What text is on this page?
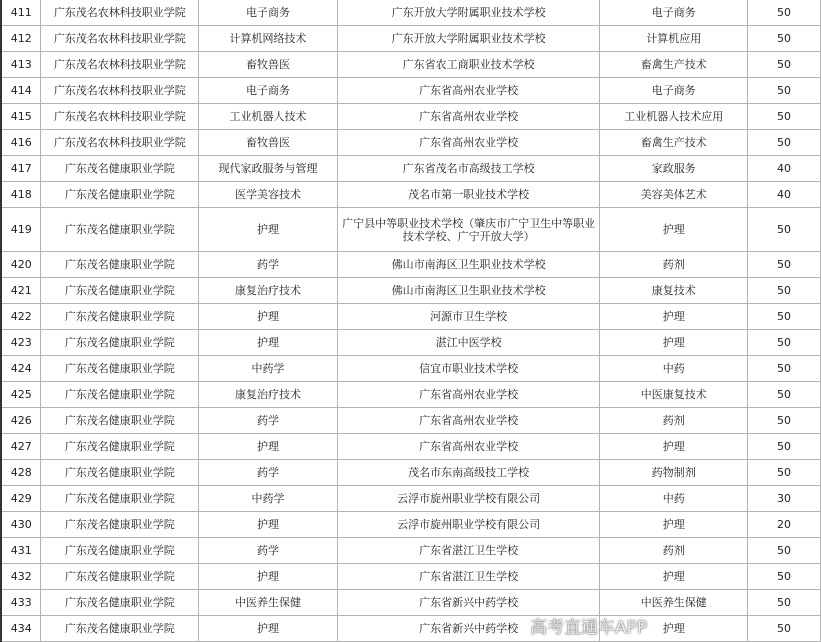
411	广东茂名农林科技职业学院	电子商务	广东开放大学附属职业技术学校	电子商务	50
412	广东茂名农林科技职业学院	计算机网络技术	广东开放大学附属职业技术学校	计算机应用	50
413	广东茂名农林科技职业学院	畜牧兽医	广东省农工商职业技术学校	畜禽生产技术	50
414	广东茂名农林科技职业学院	电子商务	广东省高州农业学校	电子商务	50
415	广东茂名农林科技职业学院	工业机器人技术	广东省高州农业学校	工业机器人技术应用	50
416	广东茂名农林科技职业学院	畜牧兽医	广东省高州农业学校	畜禽生产技术	50
417	广东茂名健康职业学院	现代家政服务与管理	广东省茂名市高级技工学校	家政服务	40
418	广东茂名健康职业学院	医学美容技术	茂名市第一职业技术学校	美容美体艺术	40
419	广东茂名健康职业学院	护理	广宁县中等职业技术学校（肇庆市广宁卫生中等职业技术学校、广宁开放大学）	护理	50
420	广东茂名健康职业学院	药学	佛山市南海区卫生职业技术学校	药剂	50
421	广东茂名健康职业学院	康复治疗技术	佛山市南海区卫生职业技术学校	康复技术	50
422	广东茂名健康职业学院	护理	河源市卫生学校	护理	50
423	广东茂名健康职业学院	护理	湛江中医学校	护理	50
424	广东茂名健康职业学院	中药学	信宜市职业技术学校	中药	50
425	广东茂名健康职业学院	康复治疗技术	广东省高州农业学校	中医康复技术	50
426	广东茂名健康职业学院	药学	广东省高州农业学校	药剂	50
427	广东茂名健康职业学院	护理	广东省高州农业学校	护理	50
428	广东茂名健康职业学院	药学	茂名市东南高级技工学校	药物制剂	50
429	广东茂名健康职业学院	中药学	云浮市旋州职业学校有限公司	中药	30
430	广东茂名健康职业学院	护理	云浮市旋州职业学校有限公司	护理	20
431	广东茂名健康职业学院	药学	广东省湛江卫生学校	药剂	50
432	广东茂名健康职业学院	护理	广东省湛江卫生学校	护理	50
433	广东茂名健康职业学院	中医养生保健	广东省新兴中药学校	中医养生保健	50
434	广东茂名健康职业学院	护理	广东省新兴中药学校	护理	50
高考直通车APP
